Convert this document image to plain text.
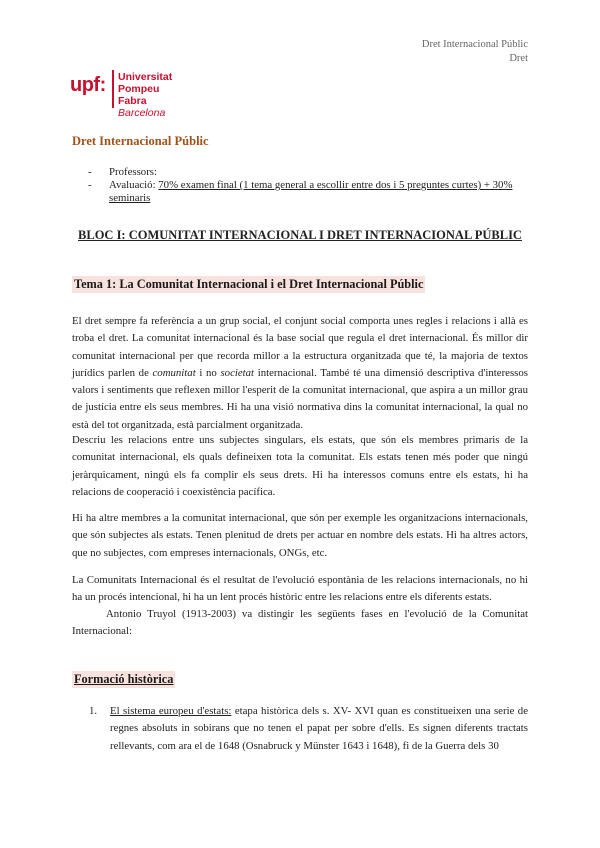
Dret Internacional Públic
Dret
upf: Universitat
Pompeu Fabra
Barcelona
Dret Internacional Públic
- Professors:
- Avaluació: 70% examen final (1 tema general a escollir entre dos i 5 preguntes curtes) + 30% seminaris
BLOC I: COMUNITAT INTERNACIONAL I DRET INTERNACIONAL PÚBLIC
Tema 1: La Comunitat Internacional i el Dret Internacional Públic
El dret sempre fa referència a un grup social, el conjunt social comporta unes regles i relacions i allà es troba el dret. La comunitat internacional és la base social que regula el dret internacional. És millor dir comunitat internacional per que recorda millor a la estructura organitzada que té, la majoria de textos jurídics parlen de comunitat i no societat internacional. També té una dimensió descriptiva d'interessos valors i sentiments que reflexen millor l'esperit de la comunitat internacional, que aspira a un millor grau de justícia entre els seus membres. Hi ha una visió normativa dins la comunitat internacional, la qual no està del tot organitzada, està parcialment organitzada.
Descriu les relacions entre uns subjectes singulars, els estats, que són els membres primaris de la comunitat internacional, els quals defineixen tota la comunitat. Els estats tenen més poder que ningú jeràrquicament, ningú els fa complir els seus drets. Hi ha interessos comuns entre els estats, hi ha relacions de cooperació i coexistència pacífica.
Hi ha altre membres a la comunitat internacional, que són per exemple les organitzacions internacionals, que són subjectes als estats. Tenen plenitud de drets per actuar en nombre dels estats. Hi ha altres actors, que no subjectes, com empreses internacionals, ONGs, etc.
La Comunitats Internacional és el resultat de l'evolució espontània de les relacions internacionals, no hi ha un procés intencional, hi ha un lent procés històric entre les relacions entre els diferents estats.
Antonio Truyol (1913-2003) va distingir les següents fases en l'evolució de la Comunitat Internacional:
Formació històrica
1. El sistema europeu d'estats: etapa històrica dels s. XV- XVI quan es constitueixen una serie de regnes absoluts in sobirans que no tenen el papat per sobre d'ells. Es signen diferents tractats rellevants, com ara el de 1648 (Osnabruck y Münster 1643 i 1648), fi de la Guerra dels 30
